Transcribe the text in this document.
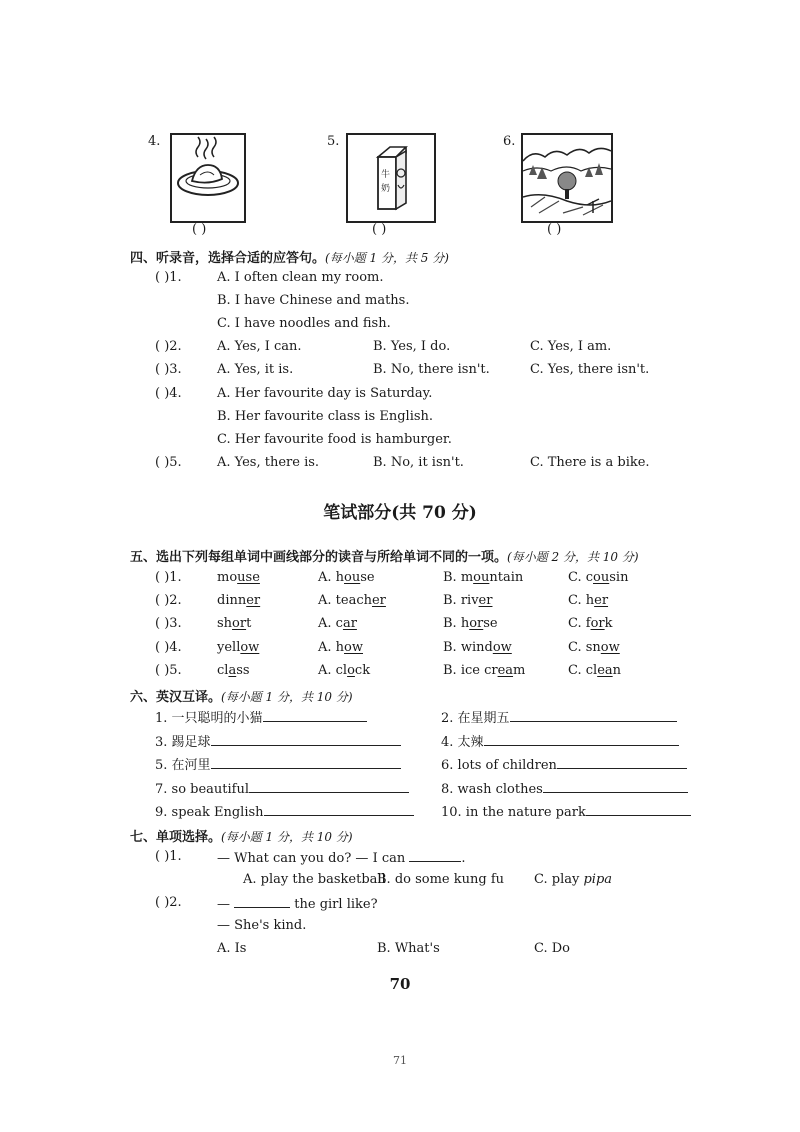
4.
( )
5.
牛
奶
( )
6.
( )
四、听录音，选择合适的应答句。(每小题 1 分，共 5 分)
( )1.	A. I often clean my room.
B. I have Chinese and maths.
C. I have noodles and fish.
( )2.	A. Yes, I can.	B. Yes, I do.	C. Yes, I am.
( )3.	A. Yes, it is.	B. No, there isn't.	C. Yes, there isn't.
( )4.	A. Her favourite day is Saturday.
B. Her favourite class is English.
C. Her favourite food is hamburger.
( )5.	A. Yes, there is.	B. No, it isn't.	C. There is a bike.
笔试部分(共 70 分)
五、选出下列每组单词中画线部分的读音与所给单词不同的一项。(每小题 2 分，共 10 分)
( )1.	mouse	A. house	B. mountain	C. cousin
( )2.	dinner	A. teacher	B. river	C. her
( )3.	short	A. car	B. horse	C. fork
( )4.	yellow	A. how	B. window	C. snow
( )5.	class	A. clock	B. ice cream	C. clean
六、英汉互译。(每小题 1 分，共 10 分)
1. 一只聪明的小猫	2. 在星期五
3. 踢足球	4. 太辣
5. 在河里	6. lots of children
7. so beautiful	8. wash clothes
9. speak English	10. in the nature park
七、单项选择。(每小题 1 分，共 10 分)
( )1.	— What can you do? — I can	.
A. play the basketball
B. do some kung fu C. play pipa
( )2.	—	the girl like?
— She's kind.
A. Is	B. What's	C. Do
70
71
